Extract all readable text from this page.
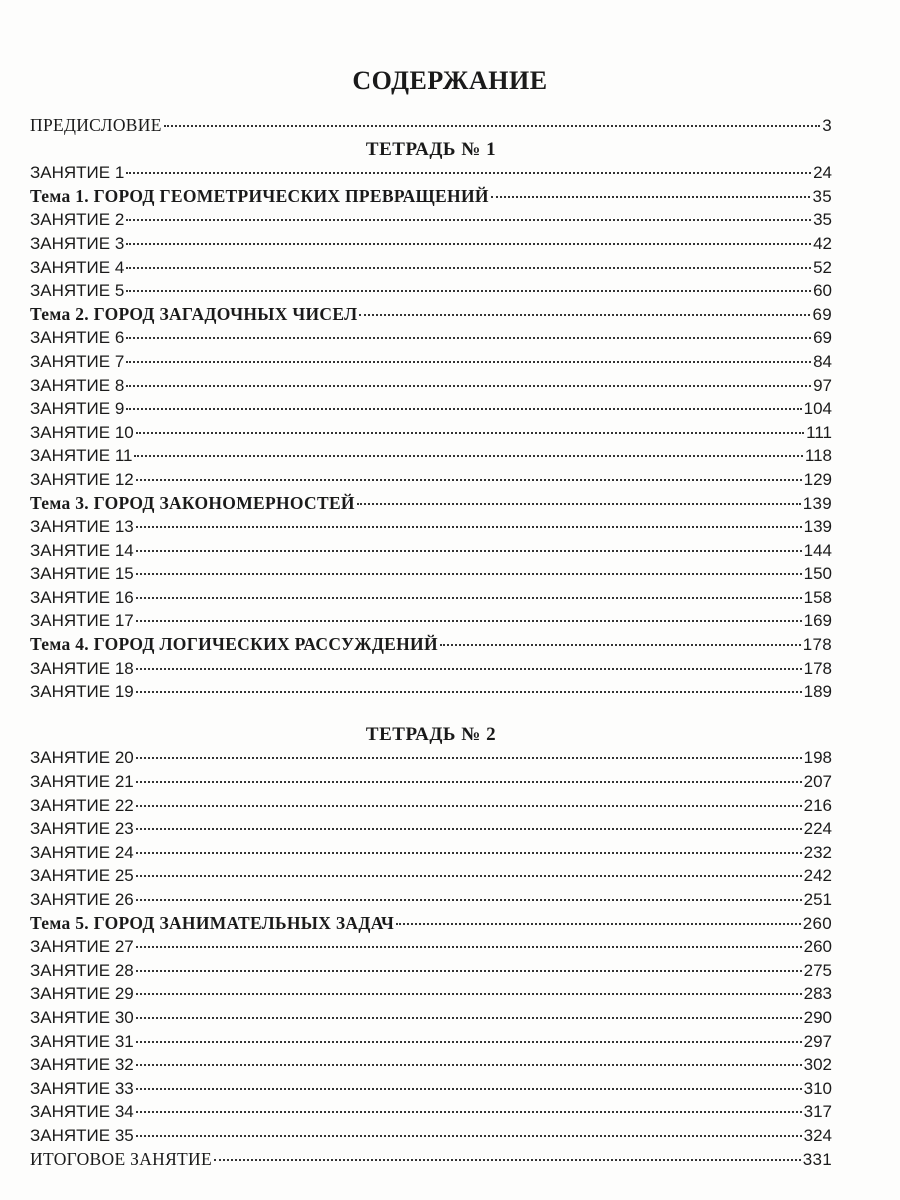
СОДЕРЖАНИЕ
ПРЕДИСЛОВИЕ	3
ТЕТРАДЬ № 1
ЗАНЯТИЕ 1	24
Тема 1. ГОРОД ГЕОМЕТРИЧЕСКИХ ПРЕВРАЩЕНИЙ	35
ЗАНЯТИЕ 2	35
ЗАНЯТИЕ 3	42
ЗАНЯТИЕ 4	52
ЗАНЯТИЕ 5	60
Тема 2. ГОРОД ЗАГАДОЧНЫХ ЧИСЕЛ	69
ЗАНЯТИЕ 6	69
ЗАНЯТИЕ 7	84
ЗАНЯТИЕ 8	97
ЗАНЯТИЕ 9	104
ЗАНЯТИЕ 10	111
ЗАНЯТИЕ 11	118
ЗАНЯТИЕ 12	129
Тема 3. ГОРОД ЗАКОНОМЕРНОСТЕЙ	139
ЗАНЯТИЕ 13	139
ЗАНЯТИЕ 14	144
ЗАНЯТИЕ 15	150
ЗАНЯТИЕ 16	158
ЗАНЯТИЕ 17	169
Тема 4. ГОРОД ЛОГИЧЕСКИХ РАССУЖДЕНИЙ	178
ЗАНЯТИЕ 18	178
ЗАНЯТИЕ 19	189
ТЕТРАДЬ № 2
ЗАНЯТИЕ 20	198
ЗАНЯТИЕ 21	207
ЗАНЯТИЕ 22	216
ЗАНЯТИЕ 23	224
ЗАНЯТИЕ 24	232
ЗАНЯТИЕ 25	242
ЗАНЯТИЕ 26	251
Тема 5. ГОРОД ЗАНИМАТЕЛЬНЫХ ЗАДАЧ	260
ЗАНЯТИЕ 27	260
ЗАНЯТИЕ 28	275
ЗАНЯТИЕ 29	283
ЗАНЯТИЕ 30	290
ЗАНЯТИЕ 31	297
ЗАНЯТИЕ 32	302
ЗАНЯТИЕ 33	310
ЗАНЯТИЕ 34	317
ЗАНЯТИЕ 35	324
ИТОГОВОЕ ЗАНЯТИЕ	331
